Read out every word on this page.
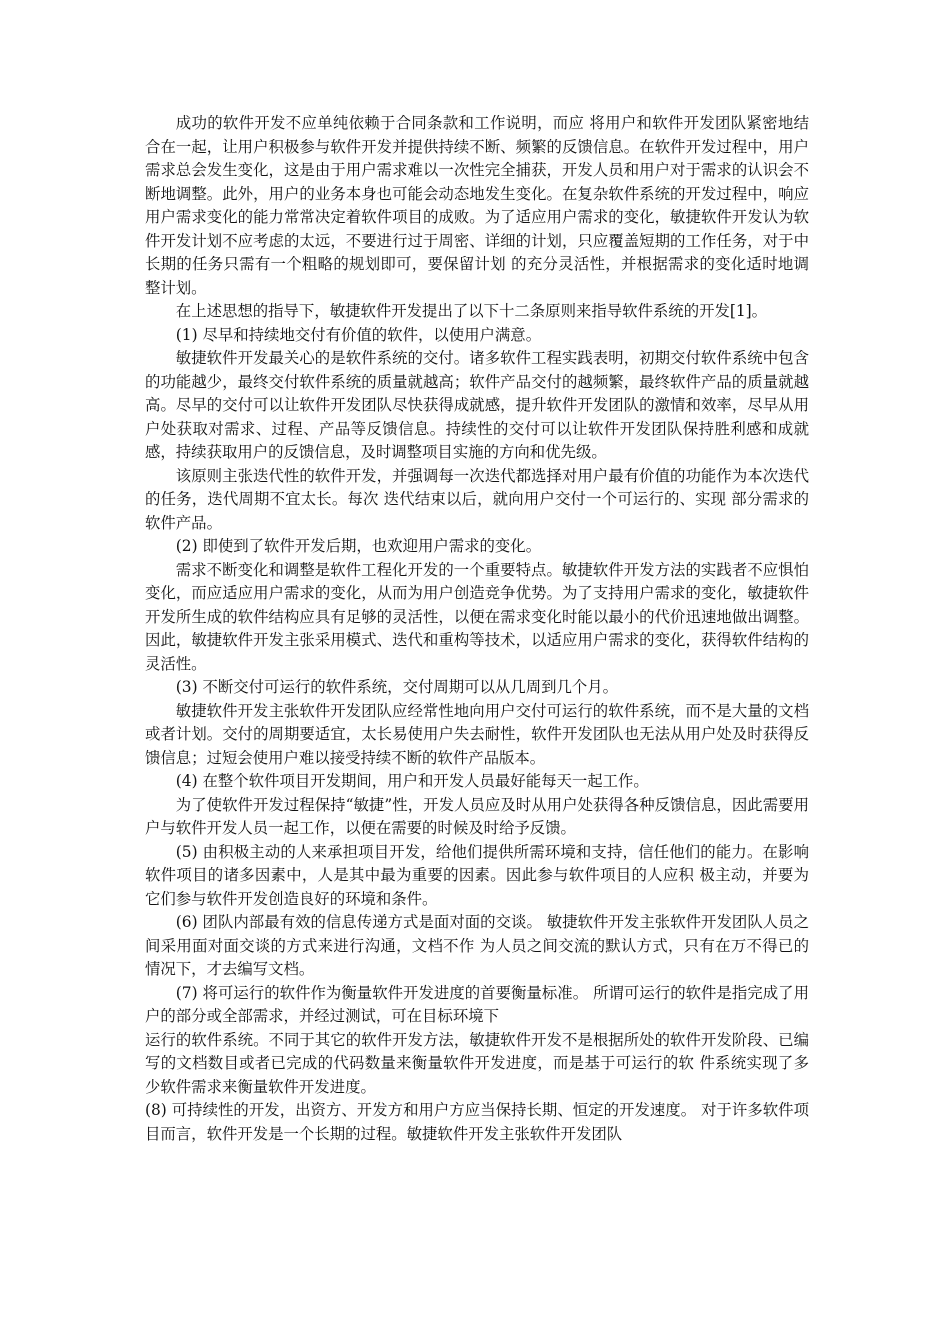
成功的软件开发不应单纯依赖于合同条款和工作说明，而应 将用户和软件开发团队紧密地结合在一起，让用户积极参与软件开发并提供持续不断、频繁的反馈信息。在软件开发过程中，用户需求总会发生变化，这是由于用户需求难以一次性完全捕获，开发人员和用户对于需求的认识会不断地调整。此外，用户的业务本身也可能会动态地发生变化。在复杂软件系统的开发过程中，响应用户需求变化的能力常常决定着软件项目的成败。为了适应用户需求的变化，敏捷软件开发认为软件开发计划不应考虑的太远，不要进行过于周密、详细的计划，只应覆盖短期的工作任务，对于中长期的任务只需有一个粗略的规划即可，要保留计划 的充分灵活性，并根据需求的变化适时地调整计划。

在上述思想的指导下，敏捷软件开发提出了以下十二条原则来指导软件系统的开发[1]。

(1) 尽早和持续地交付有价值的软件，以使用户满意。

敏捷软件开发最关心的是软件系统的交付。诸多软件工程实践表明，初期交付软件系统中包含的功能越少，最终交付软件系统的质量就越高；软件产品交付的越频繁，最终软件产品的质量就越高。尽早的交付可以让软件开发团队尽快获得成就感，提升软件开发团队的激情和效率，尽早从用户处获取对需求、过程、产品等反馈信息。持续性的交付可以让软件开发团队保持胜利感和成就感，持续获取用户的反馈信息，及时调整项目实施的方向和优先级。

该原则主张迭代性的软件开发，并强调每一次迭代都选择对用户最有价值的功能作为本次迭代的任务，迭代周期不宜太长。每次 迭代结束以后，就向用户交付一个可运行的、实现 部分需求的软件产品。

(2) 即使到了软件开发后期，也欢迎用户需求的变化。

需求不断变化和调整是软件工程化开发的一个重要特点。敏捷软件开发方法的实践者不应惧怕变化，而应适应用户需求的变化，从而为用户创造竞争优势。为了支持用户需求的变化，敏捷软件开发所生成的软件结构应具有足够的灵活性，以便在需求变化时能以最小的代价迅速地做出调整。因此，敏捷软件开发主张采用模式、迭代和重构等技术，以适应用户需求的变化，获得软件结构的灵活性。

(3) 不断交付可运行的软件系统，交付周期可以从几周到几个月。

敏捷软件开发主张软件开发团队应经常性地向用户交付可运行的软件系统，而不是大量的文档或者计划。交付的周期要适宜，太长易使用户失去耐性，软件开发团队也无法从用户处及时获得反馈信息；过短会使用户难以接受持续不断的软件产品版本。

(4) 在整个软件项目开发期间，用户和开发人员最好能每天一起工作。

为了使软件开发过程保持“敏捷”性，开发人员应及时从用户处获得各种反馈信息，因此需要用户与软件开发人员一起工作，以便在需要的时候及时给予反馈。

(5) 由积极主动的人来承担项目开发，给他们提供所需环境和支持，信任他们的能力。在影响软件项目的诸多因素中，人是其中最为重要的因素。因此参与软件项目的人应积 极主动，并要为它们参与软件开发创造良好的环境和条件。

(6) 团队内部最有效的信息传递方式是面对面的交谈。 敏捷软件开发主张软件开发团队人员之间采用面对面交谈的方式来进行沟通，文档不作 为人员之间交流的默认方式，只有在万不得已的情况下，才去编写文档。

(7) 将可运行的软件作为衡量软件开发进度的首要衡量标准。 所谓可运行的软件是指完成了用户的部分或全部需求，并经过测试，可在目标环境下

运行的软件系统。不同于其它的软件开发方法，敏捷软件开发不是根据所处的软件开发阶段、已编写的文档数目或者已完成的代码数量来衡量软件开发进度，而是基于可运行的软 件系统实现了多少软件需求来衡量软件开发进度。

(8) 可持续性的开发，出资方、开发方和用户方应当保持长期、恒定的开发速度。 对于许多软件项目而言，软件开发是一个长期的过程。敏捷软件开发主张软件开发团队
